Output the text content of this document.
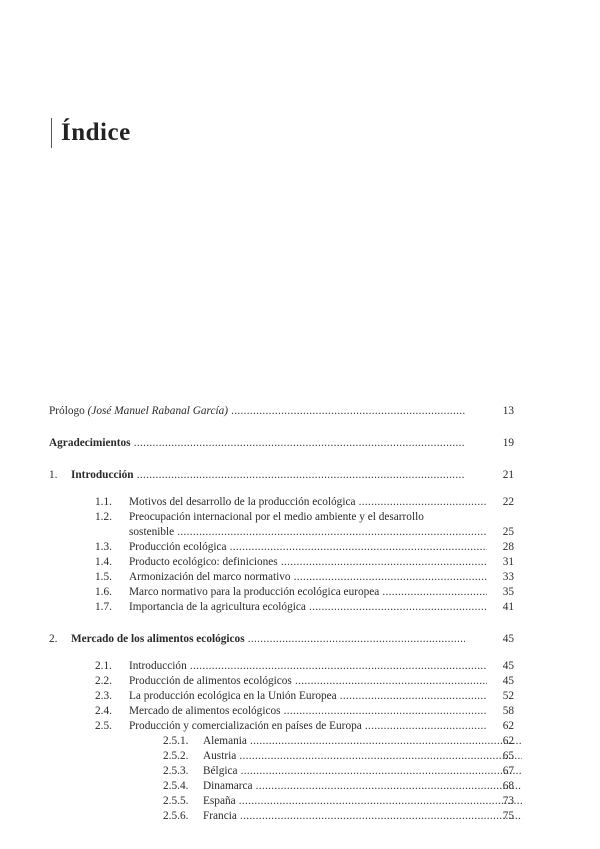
Índice
Prólogo (José Manuel Rabanal García) .....	13
Agradecimientos .....	19
1. Introducción .....	21
1.1. Motivos del desarrollo de la producción ecológica .....	22
1.2. Preocupación internacional por el medio ambiente y el desarrollo
sostenible .....	25
1.3. Producción ecológica .....	28
1.4. Producto ecológico: definiciones .....	31
1.5. Armonización del marco normativo .....	33
1.6. Marco normativo para la producción ecológica europea .....	35
1.7. Importancia de la agricultura ecológica .....	41
2. Mercado de los alimentos ecológicos .....	45
2.1. Introducción .....	45
2.2. Producción de alimentos ecológicos .....	45
2.3. La producción ecológica en la Unión Europea .....	52
2.4. Mercado de alimentos ecológicos .....	58
2.5. Producción y comercialización en países de Europa .....	62
2.5.1. Alemania .....	62
2.5.2. Austria .....	65
2.5.3. Bélgica .....	67
2.5.4. Dinamarca .....	68
2.5.5. España .....	73
2.5.6. Francia .....	75
